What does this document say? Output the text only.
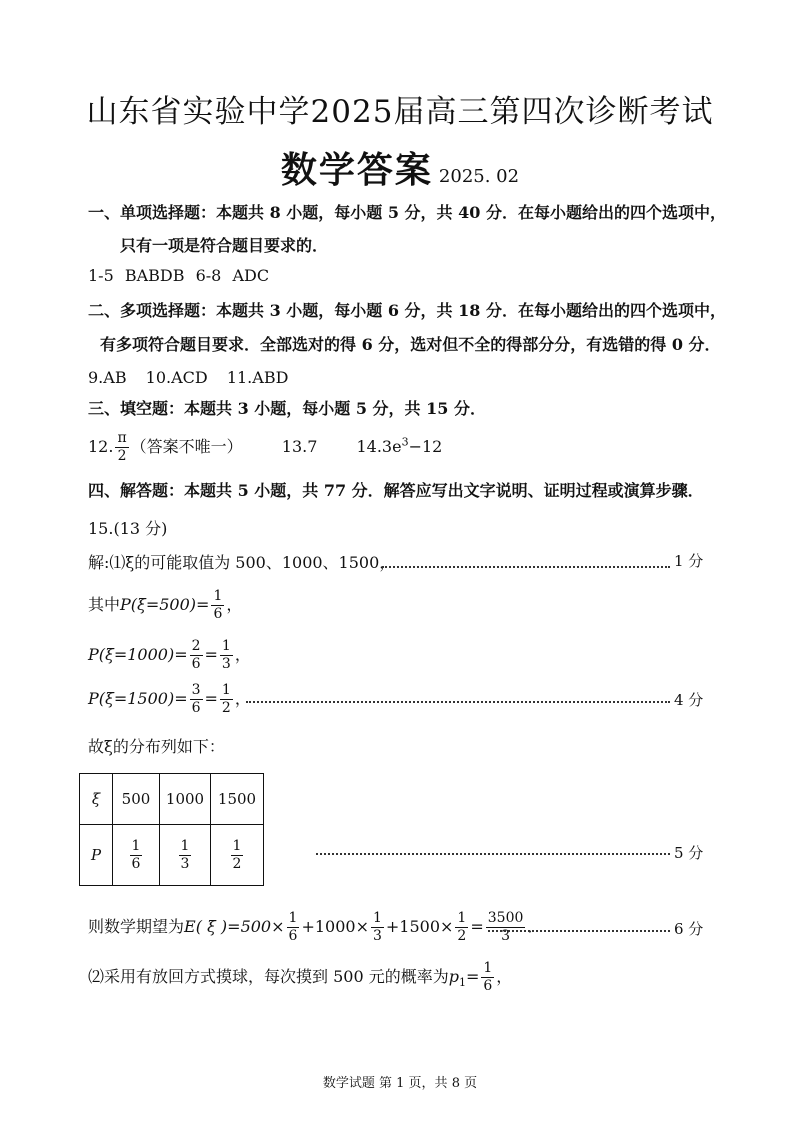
山东省实验中学2025届高三第四次诊断考试
数学答案 2025. 02
一、单项选择题：本题共 8 小题，每小题 5 分，共 40 分．在每小题给出的四个选项中，
只有一项是符合题目要求的．
1-5 BABDB 6-8 ADC
二、多项选择题：本题共 3 小题，每小题 6 分，共 18 分．在每小题给出的四个选项中，
有多项符合题目要求．全部选对的得 6 分，选对但不全的得部分分，有选错的得 0 分．
9.AB 10.ACD 11.ABD
三、填空题：本题共 3 小题，每小题 5 分，共 15 分．
12. $\frac{\pi}{2}$ （答案不唯一） 13.7 $14.3e^3-12$
四、解答题：本题共 5 小题，共 77 分．解答应写出文字说明、证明过程或演算步骤．
15.(13 分)
解:⑴ξ的可能取值为 500、1000、1500，	1 分
其中$P(\xi=500)= \frac{1}{6}$ ，
$P(\xi=1000)= \frac{2}{6} = \frac{1}{3}$ ，
$P(\xi=1500)= \frac{3}{6} = \frac{1}{2}$ ，	4 分
故ξ的分布列如下：
ξ	500	1000	1500
P	$\frac{1}{6}$	$\frac{1}{3}$	$\frac{1}{2}$	5 分
则数学期望为E( ξ )$=500\times \frac{1}{6} +1000\times \frac{1}{3} +1500\times \frac{1}{2} = \frac{3500}{3}$ ．	6 分
⑵采用有放回方式摸球，每次摸到 500 元的概率为$p_1= \frac{1}{6}$ ，
数学试题 第 1 页，共 8 页
